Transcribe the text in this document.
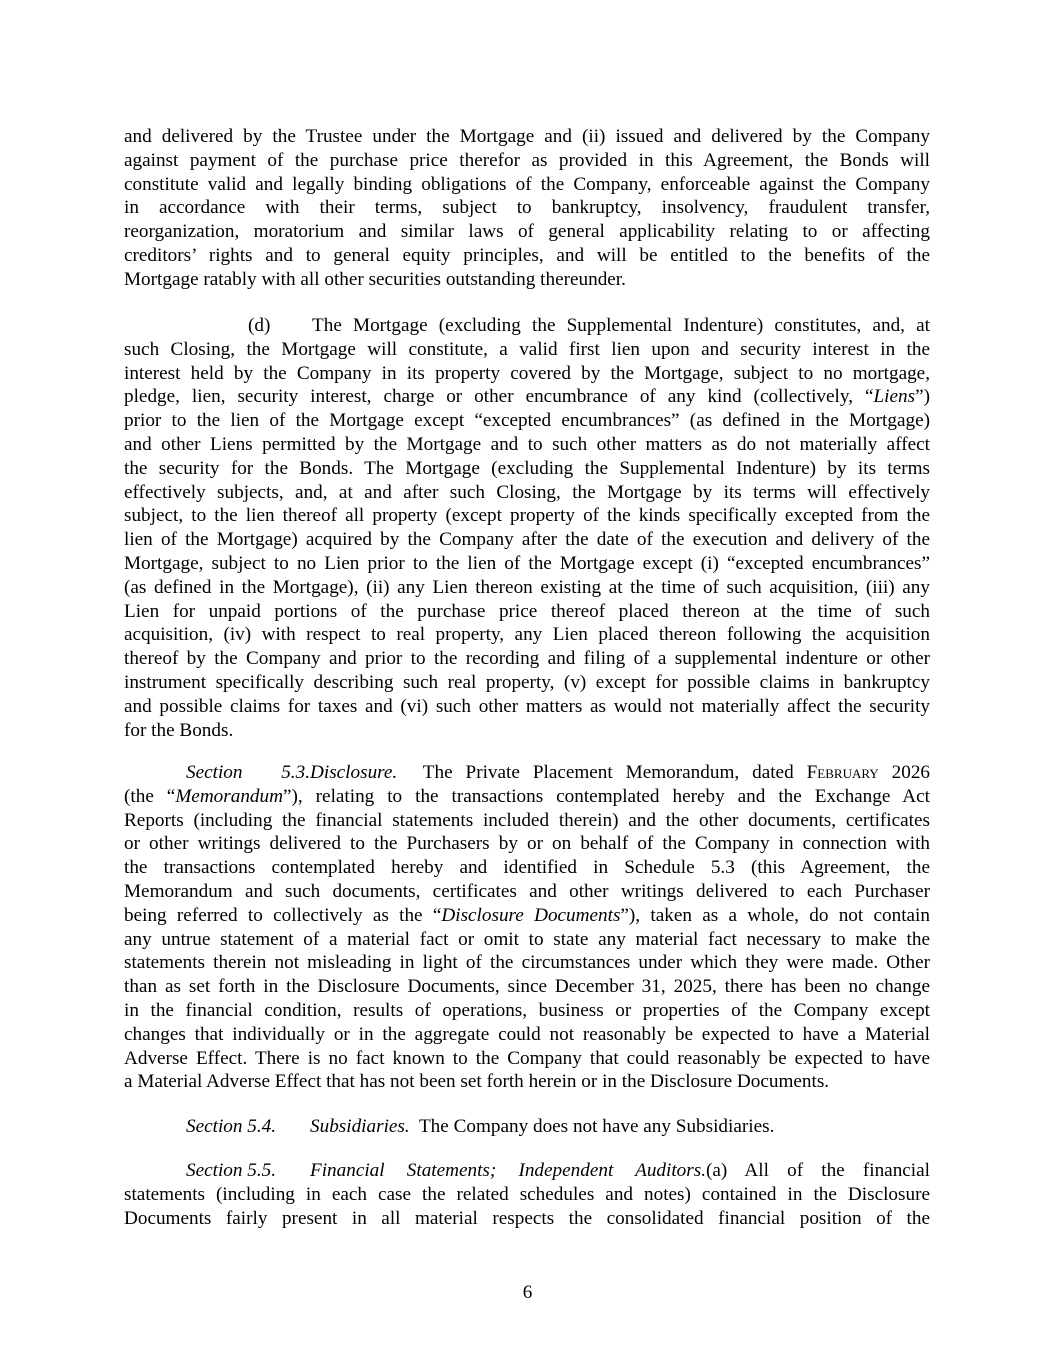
and delivered by the Trustee under the Mortgage and (ii) issued and delivered by the Company
against payment of the purchase price therefor as provided in this Agreement, the Bonds will
constitute valid and legally binding obligations of the Company, enforceable against the Company
in accordance with their terms, subject to bankruptcy, insolvency, fraudulent transfer,
reorganization, moratorium and similar laws of general applicability relating to or affecting
creditors’ rights and to general equity principles, and will be entitled to the benefits of the
Mortgage ratably with all other securities outstanding thereunder.
(d) The Mortgage (excluding the Supplemental Indenture) constitutes, and, at
such Closing, the Mortgage will constitute, a valid first lien upon and security interest in the
interest held by the Company in its property covered by the Mortgage, subject to no mortgage,
pledge, lien, security interest, charge or other encumbrance of any kind (collectively, “Liens”)
prior to the lien of the Mortgage except “excepted encumbrances” (as defined in the Mortgage)
and other Liens permitted by the Mortgage and to such other matters as do not materially affect
the security for the Bonds. The Mortgage (excluding the Supplemental Indenture) by its terms
effectively subjects, and, at and after such Closing, the Mortgage by its terms will effectively
subject, to the lien thereof all property (except property of the kinds specifically excepted from the
lien of the Mortgage) acquired by the Company after the date of the execution and delivery of the
Mortgage, subject to no Lien prior to the lien of the Mortgage except (i) “excepted encumbrances”
(as defined in the Mortgage), (ii) any Lien thereon existing at the time of such acquisition, (iii) any
Lien for unpaid portions of the purchase price thereof placed thereon at the time of such
acquisition, (iv) with respect to real property, any Lien placed thereon following the acquisition
thereof by the Company and prior to the recording and filing of a supplemental indenture or other
instrument specifically describing such real property, (v) except for possible claims in bankruptcy
and possible claims for taxes and (vi) such other matters as would not materially affect the security
for the Bonds.
Section 5.3.Disclosure. The Private Placement Memorandum, dated February 2026
(the “Memorandum”), relating to the transactions contemplated hereby and the Exchange Act
Reports (including the financial statements included therein) and the other documents, certificates
or other writings delivered to the Purchasers by or on behalf of the Company in connection with
the transactions contemplated hereby and identified in Schedule 5.3 (this Agreement, the
Memorandum and such documents, certificates and other writings delivered to each Purchaser
being referred to collectively as the “Disclosure Documents”), taken as a whole, do not contain
any untrue statement of a material fact or omit to state any material fact necessary to make the
statements therein not misleading in light of the circumstances under which they were made. Other
than as set forth in the Disclosure Documents, since December 31, 2025, there has been no change
in the financial condition, results of operations, business or properties of the Company except
changes that individually or in the aggregate could not reasonably be expected to have a Material
Adverse Effect. There is no fact known to the Company that could reasonably be expected to have
a Material Adverse Effect that has not been set forth herein or in the Disclosure Documents.
Section 5.4. Subsidiaries. The Company does not have any Subsidiaries.
Section 5.5. Financial Statements; Independent Auditors.(a) All of the financial
statements (including in each case the related schedules and notes) contained in the Disclosure
Documents fairly present in all material respects the consolidated financial position of the
6
